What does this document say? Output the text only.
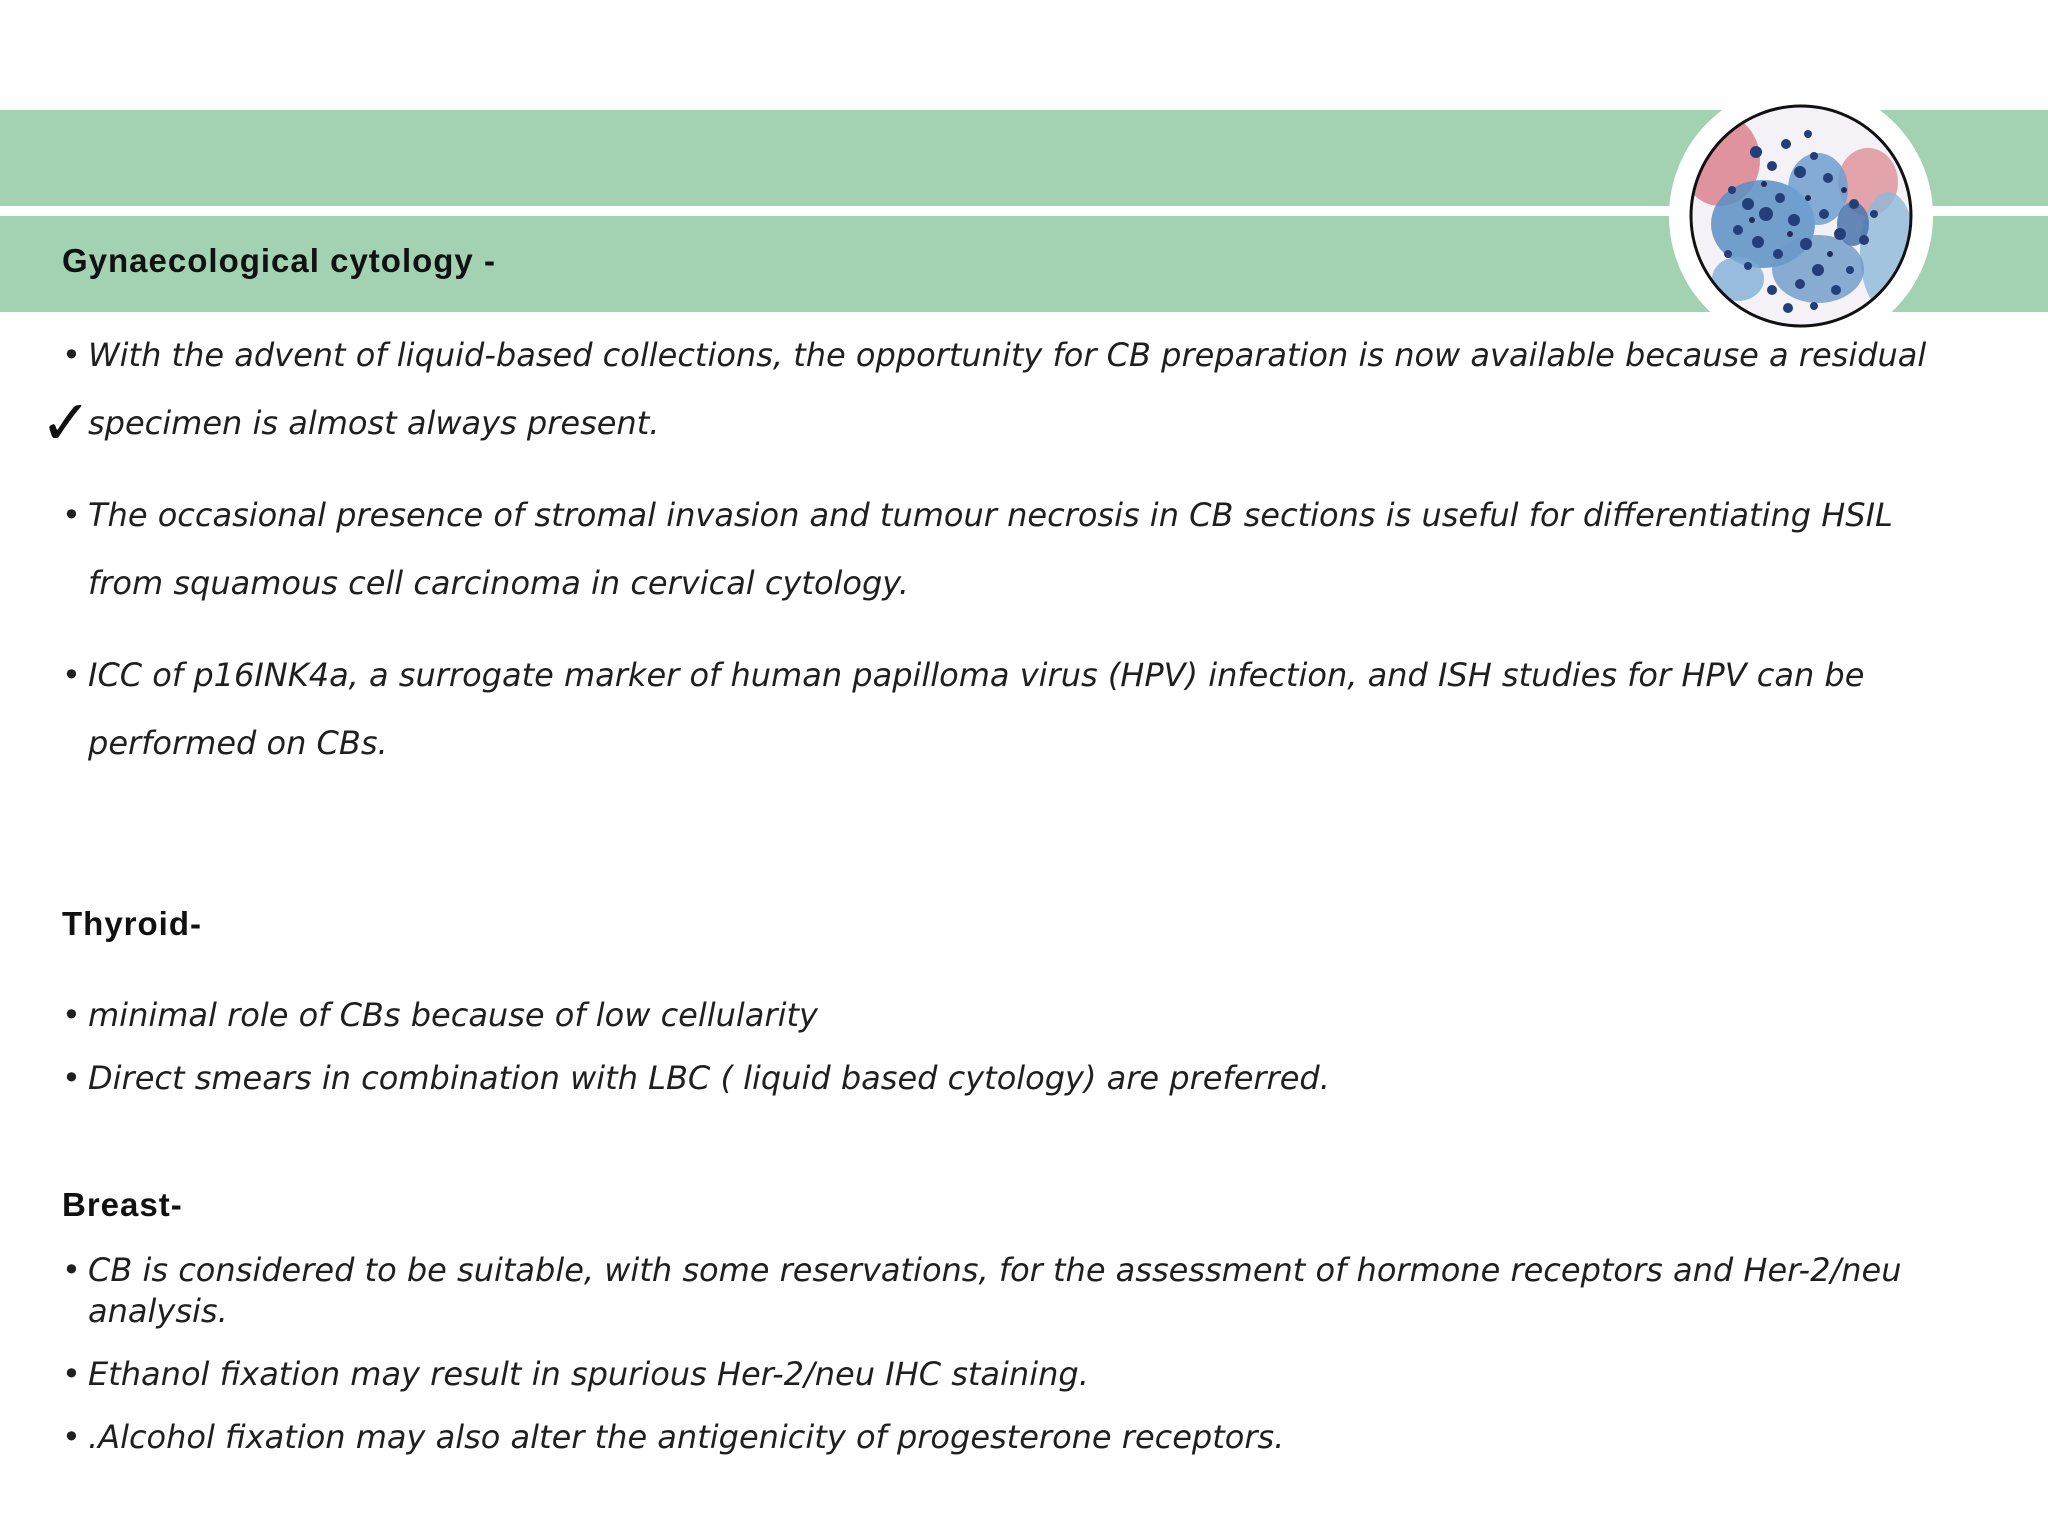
Gynaecological cytology -
✓
• With the advent of liquid-based collections, the opportunity for CB preparation is now available because a residual specimen is almost always present.
• The occasional presence of stromal invasion and tumour necrosis in CB sections is useful for differentiating HSIL from squamous cell carcinoma in cervical cytology.
• ICC of p16INK4a, a surrogate marker of human papilloma virus (HPV) infection, and ISH studies for HPV can be performed on CBs.
Thyroid-
• minimal role of CBs because of low cellularity
• Direct smears in combination with LBC ( liquid based cytology) are preferred.
Breast-
• CB is considered to be suitable, with some reservations, for the assessment of hormone receptors and Her-2/neu analysis.
• Ethanol fixation may result in spurious Her-2/neu IHC staining.
• .Alcohol fixation may also alter the antigenicity of progesterone receptors.
